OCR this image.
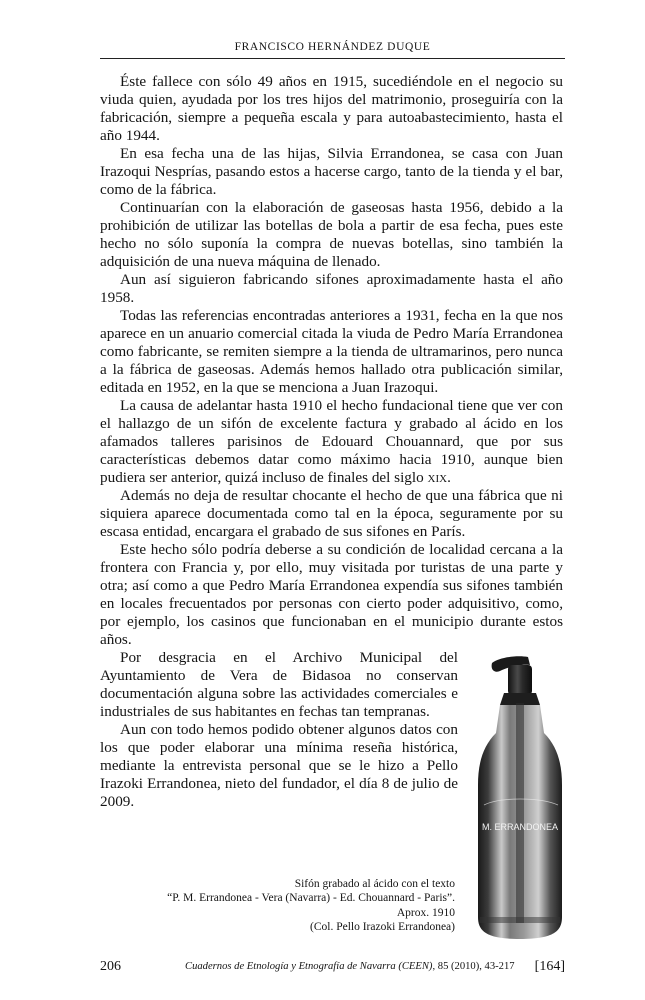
FRANCISCO HERNÁNDEZ DUQUE

Éste fallece con sólo 49 años en 1915, sucediéndole en el negocio su viuda quien, ayudada por los tres hijos del matrimonio, proseguiría con la fabricación, siempre a pequeña escala y para autoabastecimiento, hasta el año 1944.

En esa fecha una de las hijas, Silvia Errandonea, se casa con Juan Irazoqui Nesprías, pasando estos a hacerse cargo, tanto de la tienda y el bar, como de la fábrica.

Continuarían con la elaboración de gaseosas hasta 1956, debido a la prohibición de utilizar las botellas de bola a partir de esa fecha, pues este hecho no sólo suponía la compra de nuevas botellas, sino también la adquisición de una nueva máquina de llenado.

Aun así siguieron fabricando sifones aproximadamente hasta el año 1958.

Todas las referencias encontradas anteriores a 1931, fecha en la que nos aparece en un anuario comercial citada la viuda de Pedro María Errandonea como fabricante, se remiten siempre a la tienda de ultramarinos, pero nunca a la fábrica de gaseosas. Además hemos hallado otra publicación similar, editada en 1952, en la que se menciona a Juan Irazoqui.

La causa de adelantar hasta 1910 el hecho fundacional tiene que ver con el hallazgo de un sifón de excelente factura y grabado al ácido en los afamados talleres parisinos de Edouard Chouannard, que por sus características debemos datar como máximo hacia 1910, aunque bien pudiera ser anterior, quizá incluso de finales del siglo xix.

Además no deja de resultar chocante el hecho de que una fábrica que ni siquiera aparece documentada como tal en la época, seguramente por su escasa entidad, encargara el grabado de sus sifones en París.

Este hecho sólo podría deberse a su condición de localidad cercana a la frontera con Francia y, por ello, muy visitada por turistas de una parte y otra; así como a que Pedro María Errandonea expendía sus sifones también en locales frecuentados por personas con cierto poder adquisitivo, como, por ejemplo, los casinos que funcionaban en el municipio durante estos años.

Por desgracia en el Archivo Municipal del Ayuntamiento de Vera de Bidasoa no conservan documentación alguna sobre las actividades comerciales e industriales de sus habitantes en fechas tan tempranas.

Aun con todo hemos podido obtener algunos datos con los que poder elaborar una mínima reseña histórica, mediante la entrevista personal que se le hizo a Pello Irazoki Errandonea, nieto del fundador, el día 8 de julio de 2009.

M. ERRANDONEA
Sifón grabado al ácido con el texto
“P. M. Errandonea - Vera (Navarra) - Ed. Chouannard - Paris”.
Aprox. 1910
(Col. Pello Irazoki Errandonea)
206	Cuadernos de Etnología y Etnografía de Navarra (CEEN), 85 (2010), 43-217 [164]
